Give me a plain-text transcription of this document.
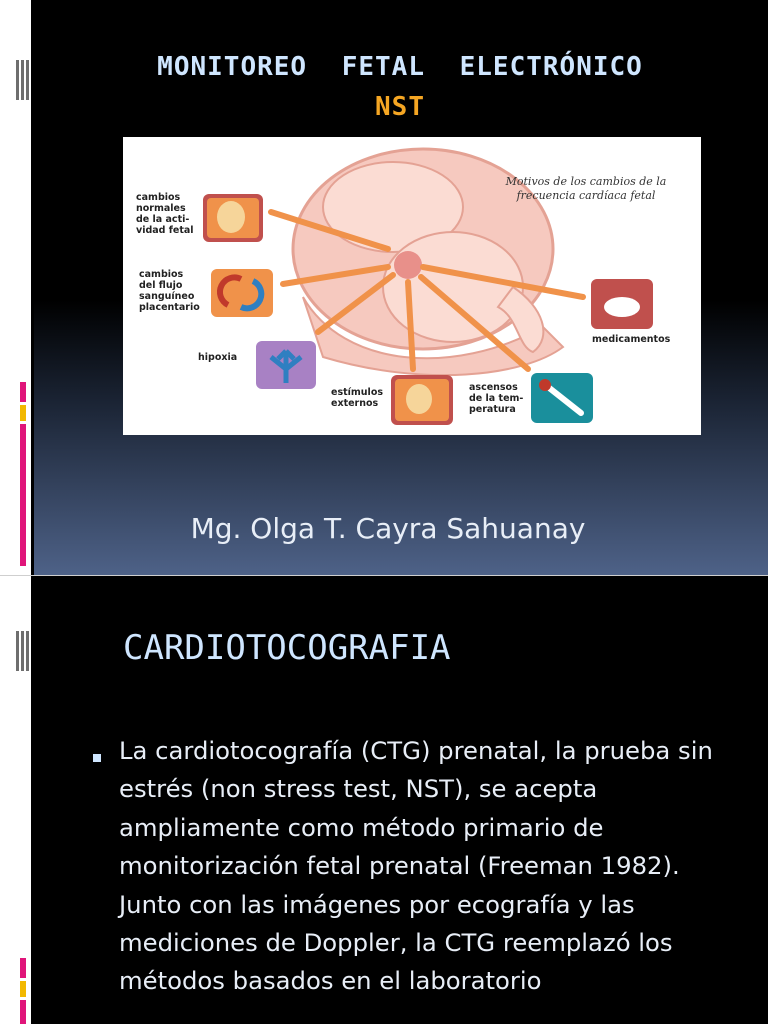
MONITOREO FETAL ELECTRÓNICO
NST
Motivos de los cambios de la frecuencia cardíaca fetal
cambios
normales
de la acti-
vidad fetal
cambios
del flujo
sanguíneo
placentario
hipoxia
estímulos
externos
ascensos
de la tem-
peratura
medicamentos
Mg. Olga T. Cayra Sahuanay
CARDIOTOCOGRAFIA
La cardiotocografía (CTG) prenatal, la prueba sin estrés (non stress test, NST), se acepta ampliamente como método primario de monitorización fetal prenatal (Freeman 1982). Junto con las imágenes por ecografía y las mediciones de Doppler, la CTG reemplazó los métodos basados en el laboratorio
